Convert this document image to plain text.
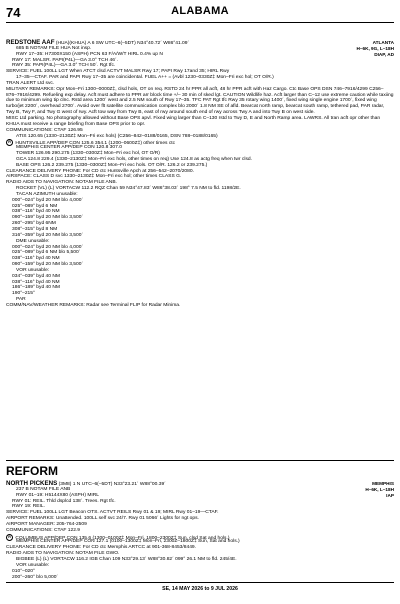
74	ALABAMA
REDSTONE AAF (HUA)(KHUA) A 6 SW UTC–6(–5DT) N34°40.72´ W86°41.09´	ATLANTA
685 B NOTAM FILE HUA Not insp.	H–6K, 9G, L–18H
RWY 17–35: H7300X150 (ASPH) PCN 63 F/A/W/T HIRL 0.4% up N	DIAP, AD
RWY 17: MALSR. PAPI(P4L)—GA 3.0° TCH 46´.
RWY 35: PAPI(P4L)—GA 3.0° TCH 50´. Rgt tfc.
SERVICE: FUEL 100LL LGT When ATCT clsd ACTVT MALSR Rwy 17; PAPI Rwy 17and 35; HIRL Rwy
17–35—CTAF. PAR and PAPI Rwy 17–35 are coincidental. FUEL A++ = (Avbl 1230–0330Z‡ Mon–Fri exc hol; OT O/R.)
TRAN ALERT Ltd svc.
MILITARY REMARKS: Opr Mon–Fri 1300–0000Z‡, clsd hols, OT on req. RSTD 24 hr PPR all acft, 48 hr PPR acft with Haz Cargo. Ctc Base OPS DSN 746–7916/4299 C256–876–7916/4299. Refueling exp delay. Acft must adhere to PPR arr block time +/– 30 min of sked lgt. CAUTION Wildlife haz. Acft larger than C–12 use extreme caution while taxiing due to minimum wing tip clnc. Rstd area 1200´ west and 2.5 NM south of Rwy 17–35. TFC PAT Rgt tfc Rwy 35 rotary wing 1400´, fixed wing single engine 1700´, fixed wing turbo/jet 2200´, overhead 2700´. Avoid over flt satellite communication complex blo 2000´ 1.8 NM SE of afld. Bearcat north ramp, bearcat south ramp, tethered pad, PAR radar, Twy B, Twy F, and Twy G west of rwy. Acft tow way from Twy B, east of rwy around south end of rwy across Twy A and into Twy B on west side.
MISC Ltd parking. No photography allowed without Base OPS apvl. Fixed wing larger than C–130 rstd to Twy D, E and North Ramp area. LAWRS. All tran acft opr other than KHUA must receive a range briefing from Base OPS prior to opr.
COMMUNICATIONS: CTAF 126.95
ATIS 120.65 (1330–2130Z‡ Mon–Fri exc hols) (C256–842–0188/0165, DSN 788–0188/0165)
R HUNTSVILLE APP/DEP CON 125.6 354.1 (1200–0600Z‡) other times ctc
MEMPHIS CENTER APP/DEP CON 120.8 307.0
TOWER 126.95 290.275 (1330–0300Z‡ Mon–Fri exc hol, OT O/R)
GCA 124.8 229.4 (1330–2130Z‡ Mon–Fri exc hols, other times on req) Use 124.8 as actg freq when twr clsd.
BASE OPS 126.2 239.275 (1330–0300Z‡ Mon–Fri exc hols. OT O/R. 126.2 or 239.275.)
CLEARANCE DELIVERY PHONE: For CD ctc Huntsville Apch at 256–542–2070/2080.
AIRSPACE: CLASS D svc 1330–2130Z‡ Mon–Fri exc hol; other times CLASS G.
RADIO AIDS TO NAVIGATION: NOTAM FILE ANB.
ROCKET (VL) (L) VORTACW 112.2 RQZ Chan 59 N34°47.83´ W86°38.03´ 198° 7.5 NM to fld. 1198/2E.
TACAN AZIMUTH unusable:
000°–024° byd 20 NM blo 4,000´
025°–089° byd 6 NM
038°–116° byd 40 NM
090°–159° byd 20 NM blo 3,500´
260°–295° byd 6NM
308°–315° byd 8 NM
316°–359° byd 20 NM blo 3,500´
DME unusable:
000°–024° byd 20 NM blo 4,000´
025°–089° byd 6 NM blo 5,500´
038°–116° byd 40 NM
090°–159° byd 20 NM blo 3,500´
VOR unusable:
034°–039° byd 40 NM
038°–116° byd 40 NM
186°–189° byd 40 NM
190°–215°
PAR
COMM/NAV/WEATHER REMARKS: Radar see Terminal FLIP for Radar Minima.
REFORM
NORTH PICKENS (3M8) 1 N UTC–6(–5DT) N33°23.21´ W88°00.39´	MEMPHIS
237 B NOTAM FILE ANB	H–6K, L–18H
RWY 01–19: H5144X80 (ASPH) MIRL	IAP
RWY 01: REIL. Thld dsplcd 138´. Trees. Rgt tfc.
RWY 19: REIL.
SERVICE: FUEL 100LL LGT Beacon OTS. ACTVT REILS Rwy 01 & 19; MIRL Rwy 01–19—CTAF.
AIRPORT REMARKS: Unattended. 100LL self svc 24/7. Rwy 01 5066´ Lights for ngt ops.
AIRPORT MANAGER: 205-764-2509
COMMUNICATIONS: CTAF 122.9
R COLUMBUS APP/DEP CON 135.6 (1300–0100Z‡ Mon–Fri, 1800–2300Z‡ Sun, clsd Sat and hols.)
MEMPHIS CENTER APP/DEP CON 127.1 (0100–1300Z‡ Mon–Fri, 2300Z–1800Z‡ Sun, Sat and hols.)
CLEARANCE DELIVERY PHONE: For CD ctc Memphis ARTCC at 901-368-8453/8449.
RADIO AIDS TO NAVIGATION: NOTAM FILE GWO.
BIGBEE (L) (L) VORTACW 116.2 IGB Chan 109 N33°29.13´ W88°30.82´ 099° 26.1 NM to fld. 245/4E.
VOR unusable:
010°–020°
200°–260° blo 5,000´
SE, 14 MAY 2026 to 9 JUL 2026
